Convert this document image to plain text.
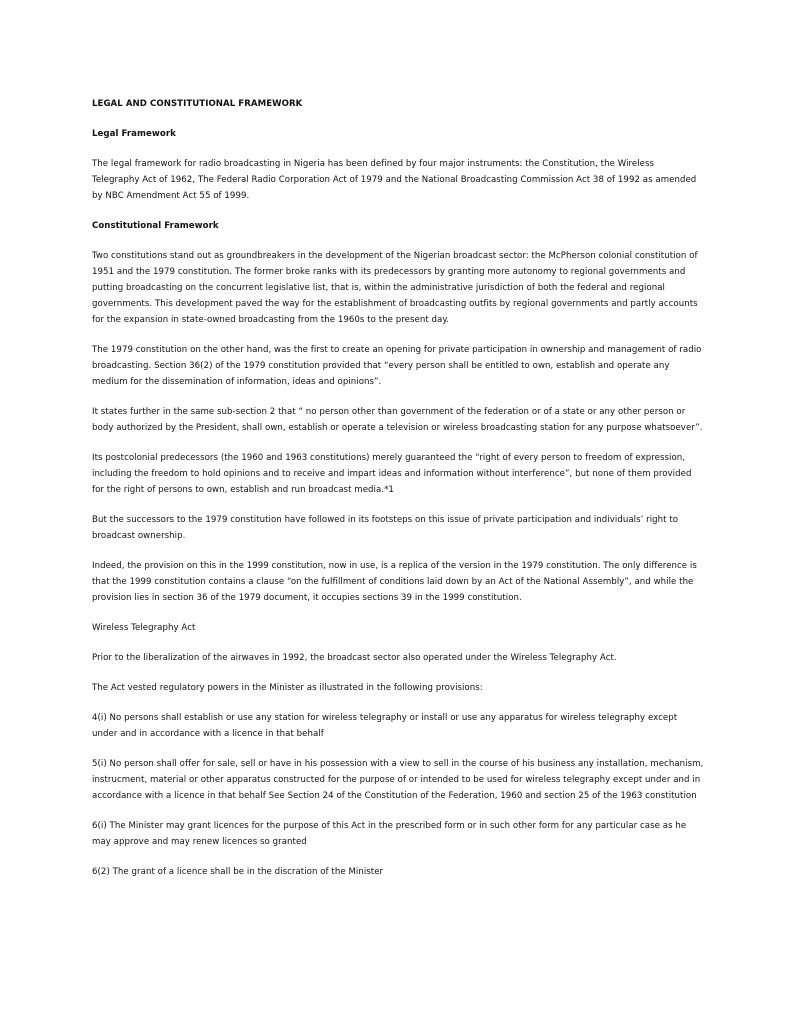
LEGAL AND CONSTITUTIONAL FRAMEWORK
Legal Framework
The legal framework for radio broadcasting in Nigeria has been defined by four major instruments: the Constitution, the Wireless Telegraphy Act of 1962, The Federal Radio Corporation Act of 1979 and the National Broadcasting Commission Act 38 of 1992 as amended by NBC Amendment Act 55 of 1999.
Constitutional Framework
Two constitutions stand out as groundbreakers in the development of the Nigerian broadcast sector: the McPherson colonial constitution of 1951 and the 1979 constitution. The former broke ranks with its predecessors by granting more autonomy to regional governments and putting broadcasting on the concurrent legislative list, that is, within the administrative jurisdiction of both the federal and regional governments. This development paved the way for the establishment of broadcasting outfits by regional governments and partly accounts for the expansion in state-owned broadcasting from the 1960s to the present day.
The 1979 constitution on the other hand, was the first to create an opening for private participation in ownership and management of radio broadcasting. Section 36(2) of the 1979 constitution provided that “every person shall be entitled to own, establish and operate any medium for the dissemination of information, ideas and opinions”.
It states further in the same sub-section 2 that “ no person other than government of the federation or of a state or any other person or body authorized by the President, shall own, establish or operate a television or wireless broadcasting station for any purpose whatsoever”.
Its postcolonial predecessors (the 1960 and 1963 constitutions) merely guaranteed the “right of every person to freedom of expression, including the freedom to hold opinions and to receive and impart ideas and information without interference”, but none of them provided for the right of persons to own, establish and run broadcast media.*1
But the successors to the 1979 constitution have followed in its footsteps on this issue of private participation and individuals’ right to broadcast ownership.
Indeed, the provision on this in the 1999 constitution, now in use, is a replica of the version in the 1979 constitution. The only difference is that the 1999 constitution contains a clause “on the fulfillment of conditions laid down by an Act of the National Assembly”, and while the provision lies in section 36 of the 1979 document, it occupies sections 39 in the 1999 constitution.
Wireless Telegraphy Act
Prior to the liberalization of the airwaves in 1992, the broadcast sector also operated under the Wireless Telegraphy Act.
The Act vested regulatory powers in the Minister as illustrated in the following provisions:
4(i) No persons shall establish or use any station for wireless telegraphy or install or use any apparatus for wireless telegraphy except under and in accordance with a licence in that behalf
5(i) No person shall offer for sale, sell or have in his possession with a view to sell in the course of his business any installation, mechanism, instrucment, material or other apparatus constructed for the purpose of or intended to be used for wireless telegraphy except under and in accordance with a licence in that behalf See Section 24 of the Constitution of the Federation, 1960 and section 25 of the 1963 constitution
6(i) The Minister may grant licences for the purpose of this Act in the prescribed form or in such other form for any particular case as he may approve and may renew licences so granted
6(2) The grant of a licence shall be in the discration of the Minister
